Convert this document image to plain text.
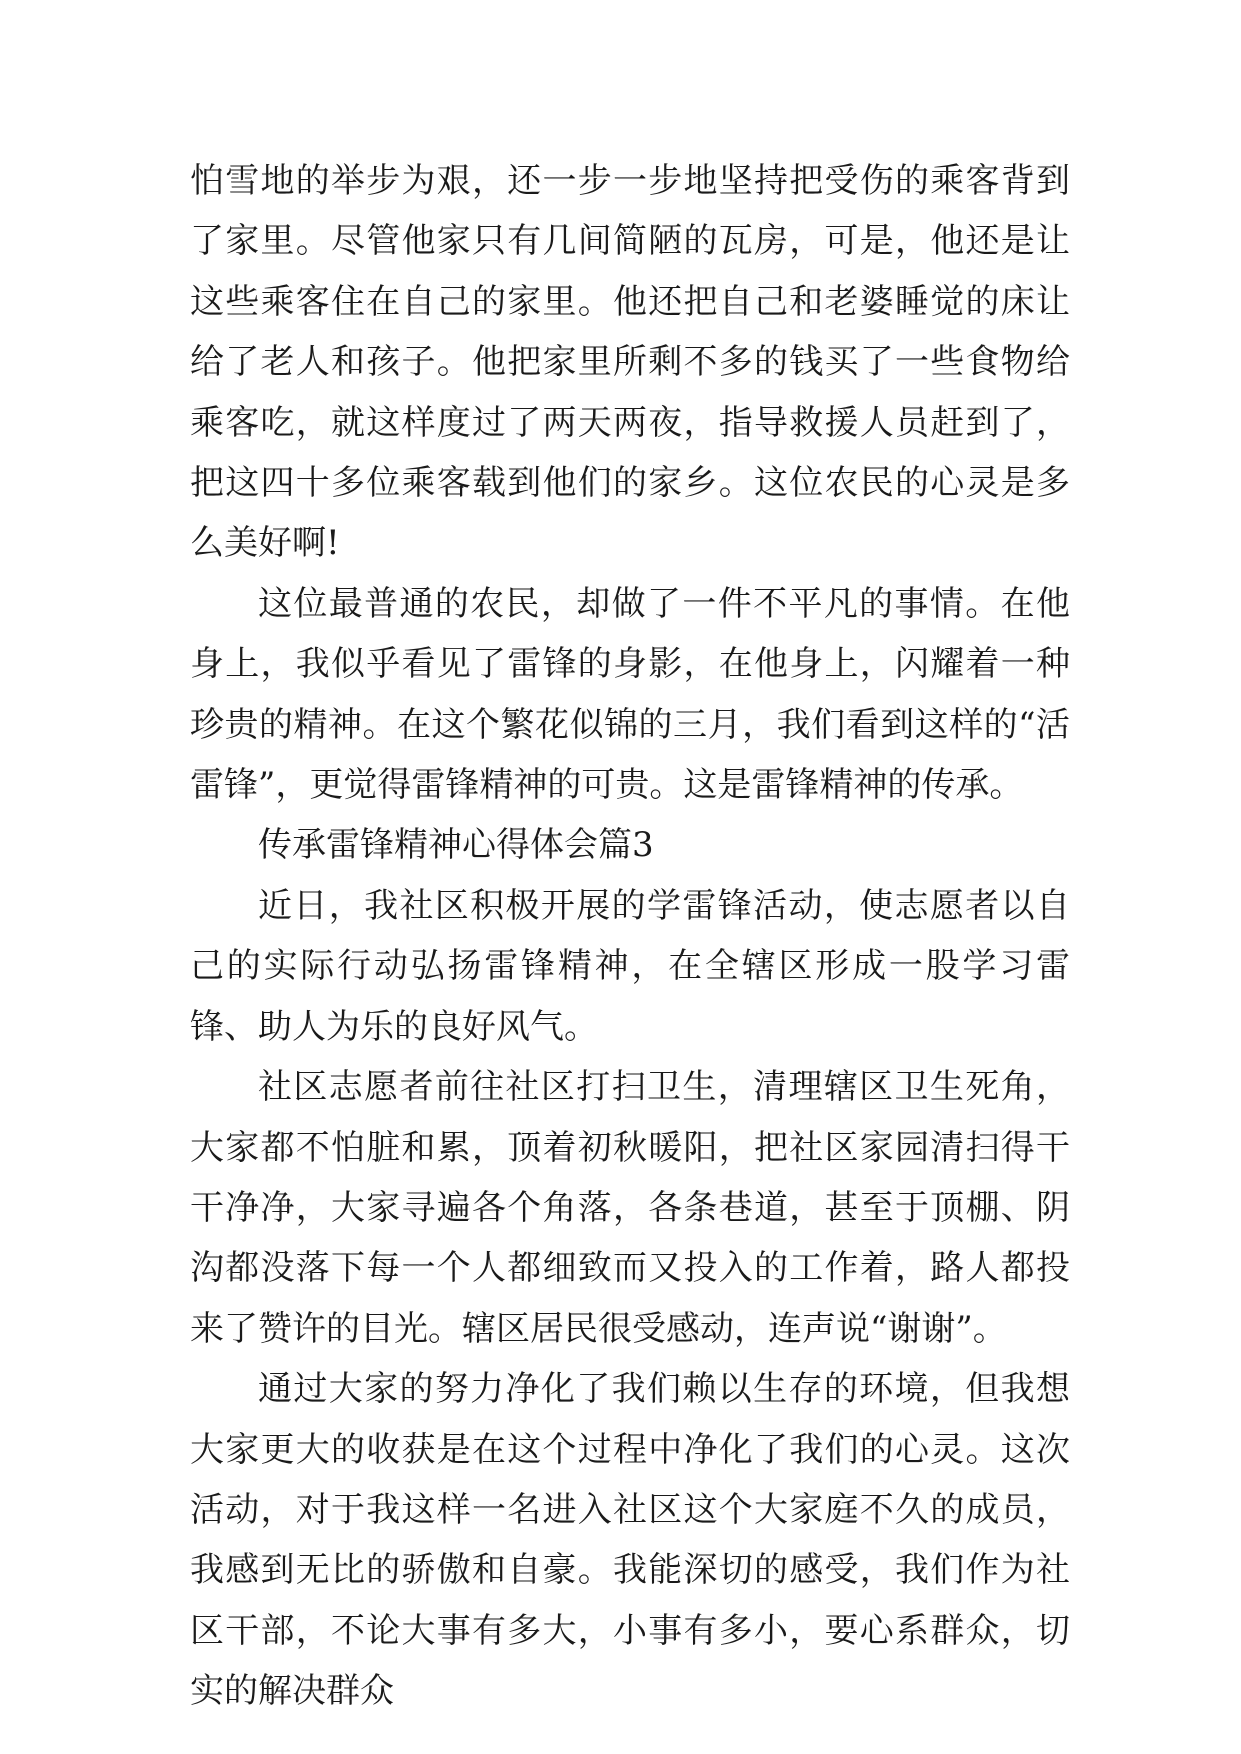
怕雪地的举步为艰，还一步一步地坚持把受伤的乘客背到了家里。尽管他家只有几间简陋的瓦房，可是，他还是让这些乘客住在自己的家里。他还把自己和老婆睡觉的床让给了老人和孩子。他把家里所剩不多的钱买了一些食物给乘客吃，就这样度过了两天两夜，指导救援人员赶到了，把这四十多位乘客载到他们的家乡。这位农民的心灵是多么美好啊!

这位最普通的农民，却做了一件不平凡的事情。在他身上，我似乎看见了雷锋的身影，在他身上，闪耀着一种珍贵的精神。在这个繁花似锦的三月，我们看到这样的“活雷锋”，更觉得雷锋精神的可贵。这是雷锋精神的传承。

传承雷锋精神心得体会篇3

近日，我社区积极开展的学雷锋活动，使志愿者以自己的实际行动弘扬雷锋精神，在全辖区形成一股学习雷锋、助人为乐的良好风气。

社区志愿者前往社区打扫卫生，清理辖区卫生死角，大家都不怕脏和累，顶着初秋暖阳，把社区家园清扫得干干净净，大家寻遍各个角落，各条巷道，甚至于顶棚、阴沟都没落下每一个人都细致而又投入的工作着，路人都投来了赞许的目光。辖区居民很受感动，连声说“谢谢”。

通过大家的努力净化了我们赖以生存的环境，但我想大家更大的收获是在这个过程中净化了我们的心灵。这次活动，对于我这样一名进入社区这个大家庭不久的成员，我感到无比的骄傲和自豪。我能深切的感受，我们作为社区干部，不论大事有多大，小事有多小，要心系群众，切实的解决群众
